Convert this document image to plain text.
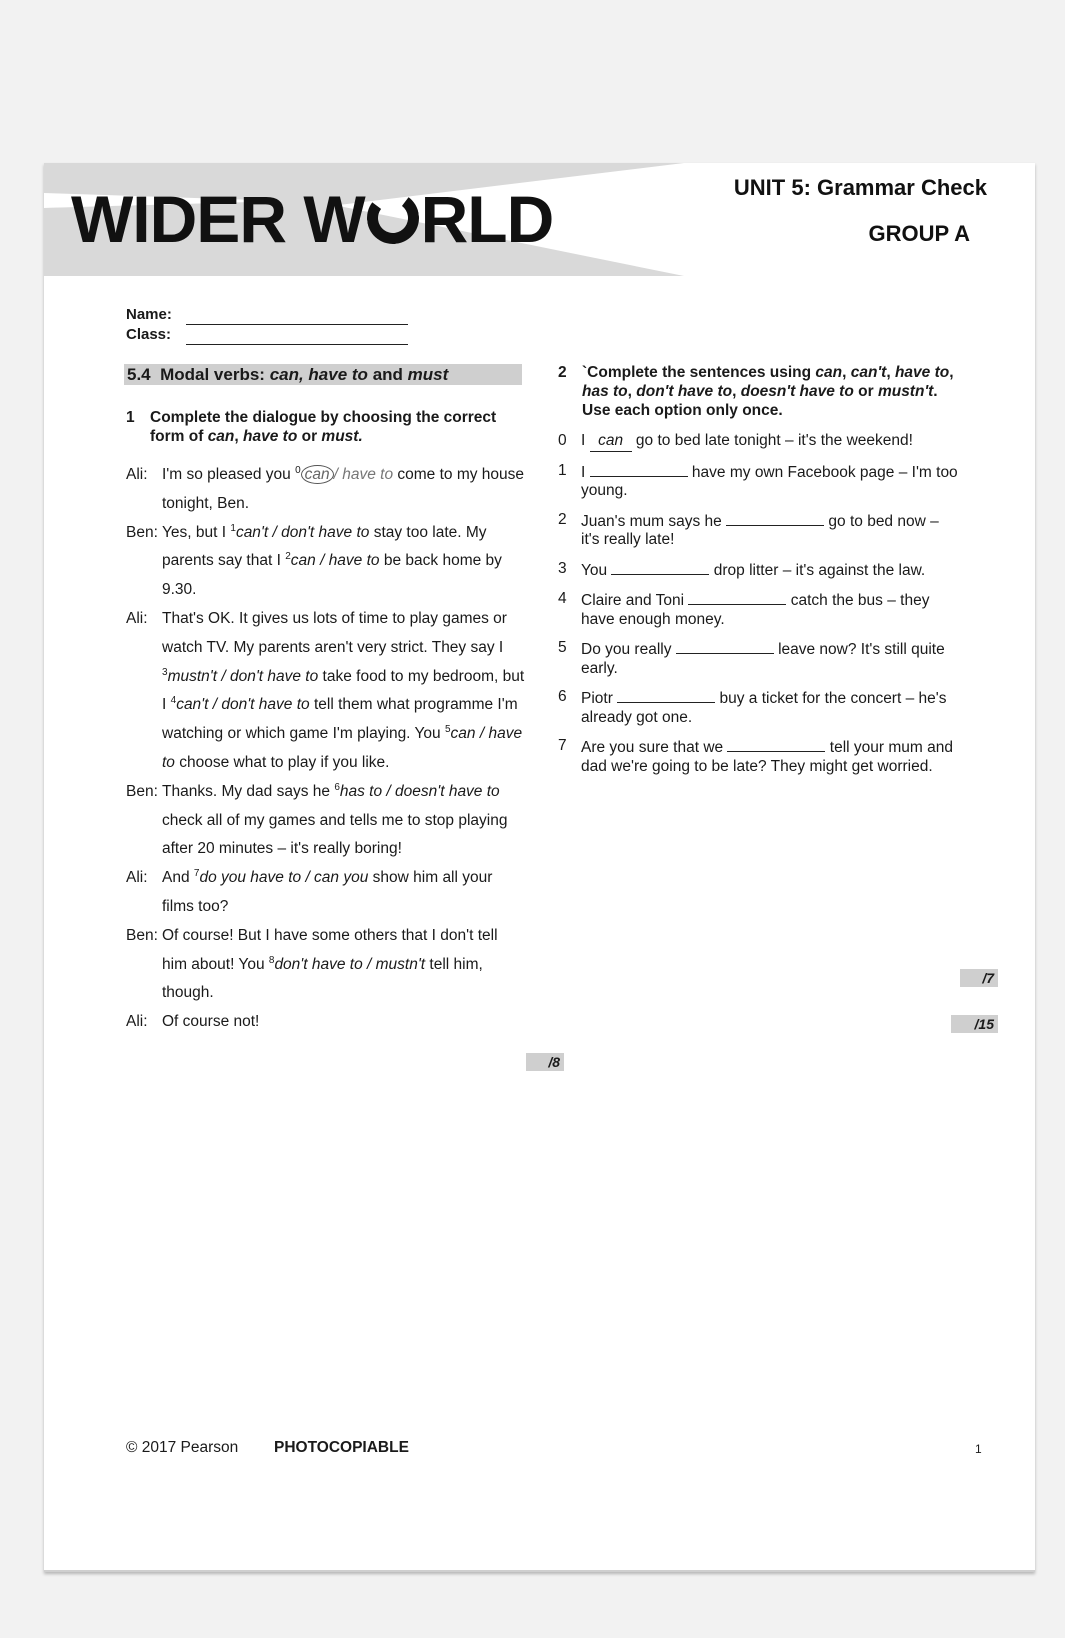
WIDER W RLD	UNIT 5: Grammar Check
GROUP A
Name:
Class:
5.4 Modal verbs: can, have to and must
1 Complete the dialogue by choosing the correct form of can, have to or must.
Ali: I'm so pleased you $^0$ can / have to come to my house tonight, Ben.
Ben: Yes, but I $^1$can't / don't have to stay too late. My parents say that I $^2$can / have to be back home by 9.30.
Ali: That's OK. It gives us lots of time to play games or watch TV. My parents aren't very strict. They say I $^3$mustn't / don't have to take food to my bedroom, but I $^4$can't / don't have to tell them what programme I'm watching or which game I'm playing. You $^5$can / have to choose what to play if you like.
Ben: Thanks. My dad says he $^6$has to / doesn't have to check all of my games and tells me to stop playing after 20 minutes – it's really boring!
Ali: And $^7$do you have to / can you show him all your films too?
Ben: Of course! But I have some others that I don't tell him about! You $^8$don't have to / mustn't tell him, though.
Ali: Of course not!
/8
2 `Complete the sentences using can, can't, have to, has to, don't have to, doesn't have to or mustn't. Use each option only once.
0 I can go to bed late tonight – it's the weekend!
1 I	have my own Facebook page – I'm too young.
2 Juan's mum says he	go to bed now – it's really late!
3 You	drop litter – it's against the law.
4 Claire and Toni	catch the bus – they have enough money.
5 Do you really	leave now? It's still quite early.
6 Piotr	buy a ticket for the concert – he's already got one.
7 Are you sure that we	tell your mum and dad we're going to be late? They might get worried.
/7
/15
© 2017 Pearson PHOTOCOPIABLE	1
